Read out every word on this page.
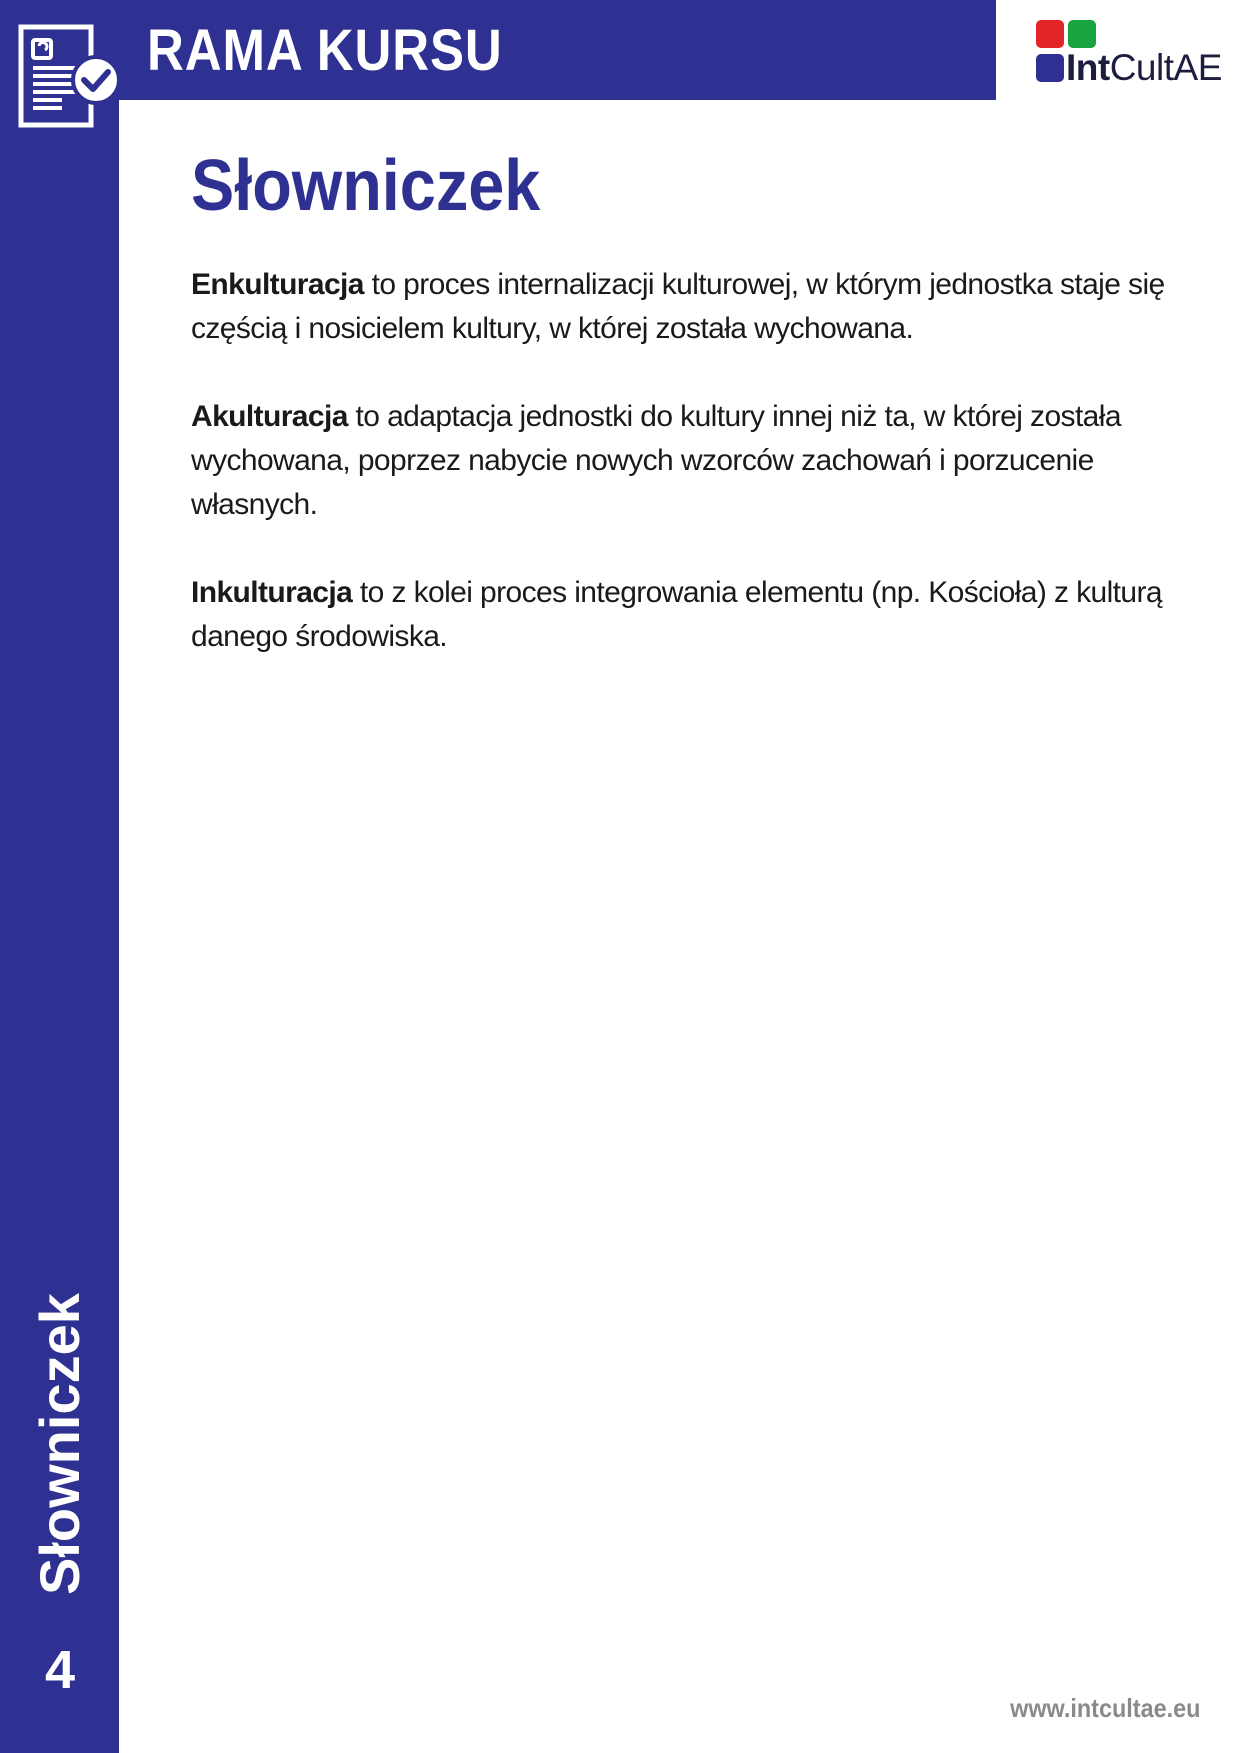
RAMA KURSU	IntCultAE
Słowniczek

Enkulturacja to proces internalizacji kulturowej, w którym jednostka staje się częścią i nosicielem kultury, w której została wychowana.

Akulturacja to adaptacja jednostki do kultury innej niż ta, w której została wychowana, poprzez nabycie nowych wzorców zachowań i porzucenie własnych.

Inkulturacja to z kolei proces integrowania elementu (np. Kościoła) z kulturą danego środowiska.

Słowniczek
4
www.intcultae.eu
